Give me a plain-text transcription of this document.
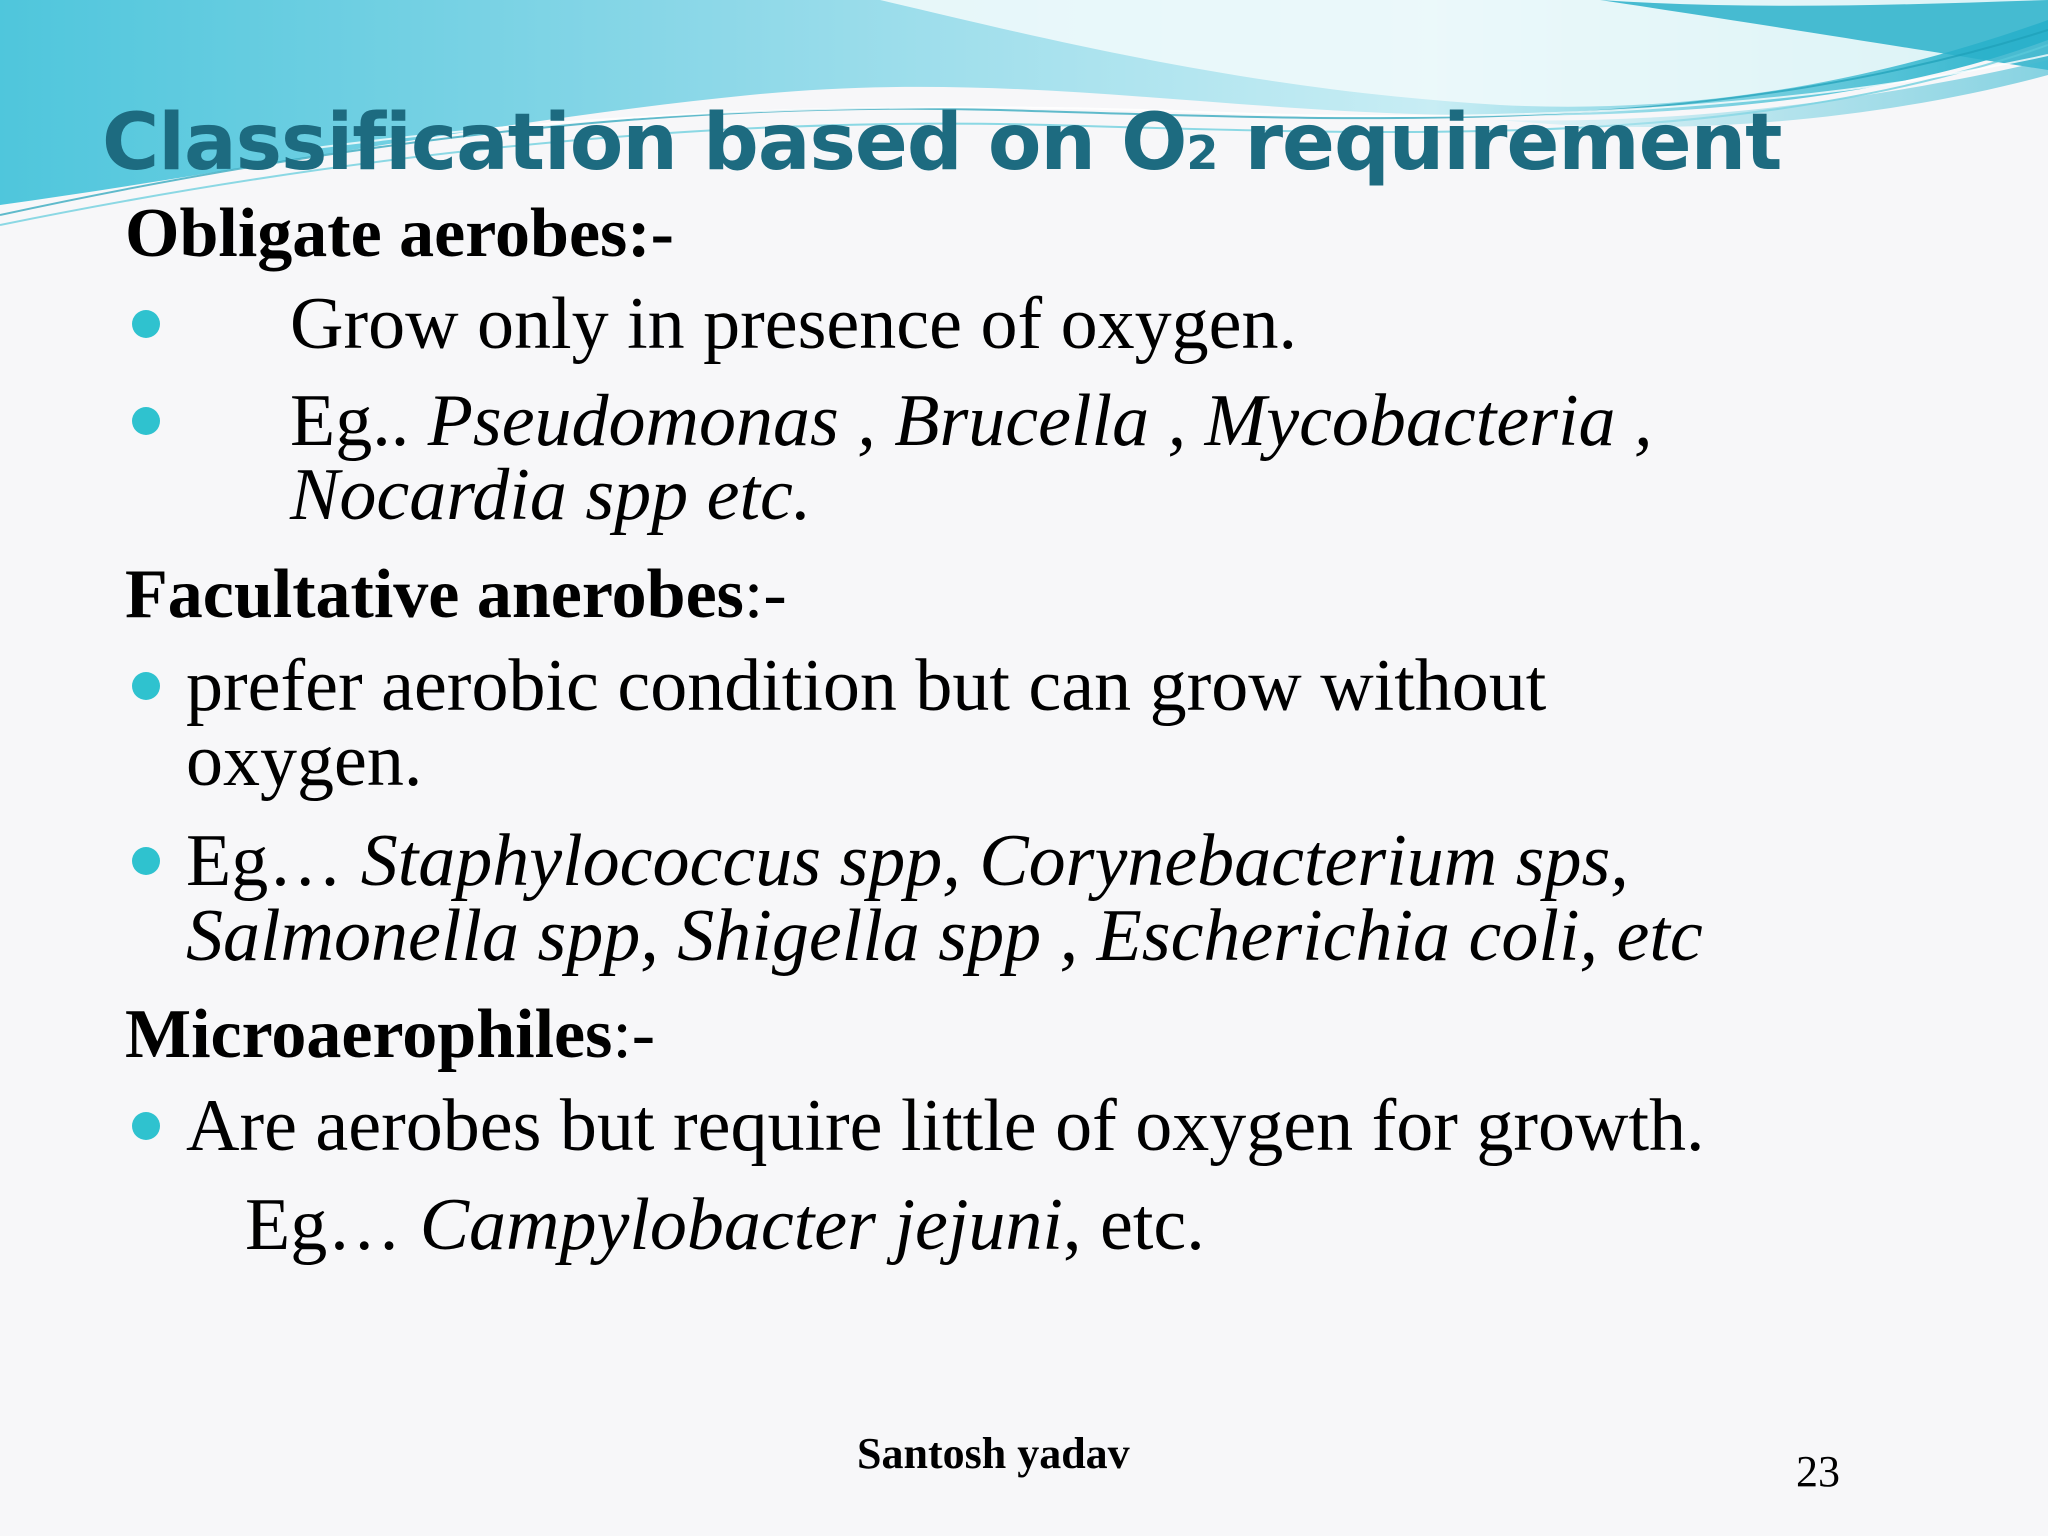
Classification based on O2 requirement
Obligate aerobes:-
Grow only in presence of oxygen.
Eg.. Pseudomonas , Brucella , Mycobacteria ,
Nocardia spp etc.
Facultative anerobes:-
prefer aerobic condition but can grow without
oxygen.
Eg… Staphylococcus spp, Corynebacterium sps,
Salmonella spp, Shigella spp , Escherichia coli, etc
Microaerophiles:-
Are aerobes but require little of oxygen for growth.
Eg… Campylobacter jejuni, etc.
Santosh yadav	23
